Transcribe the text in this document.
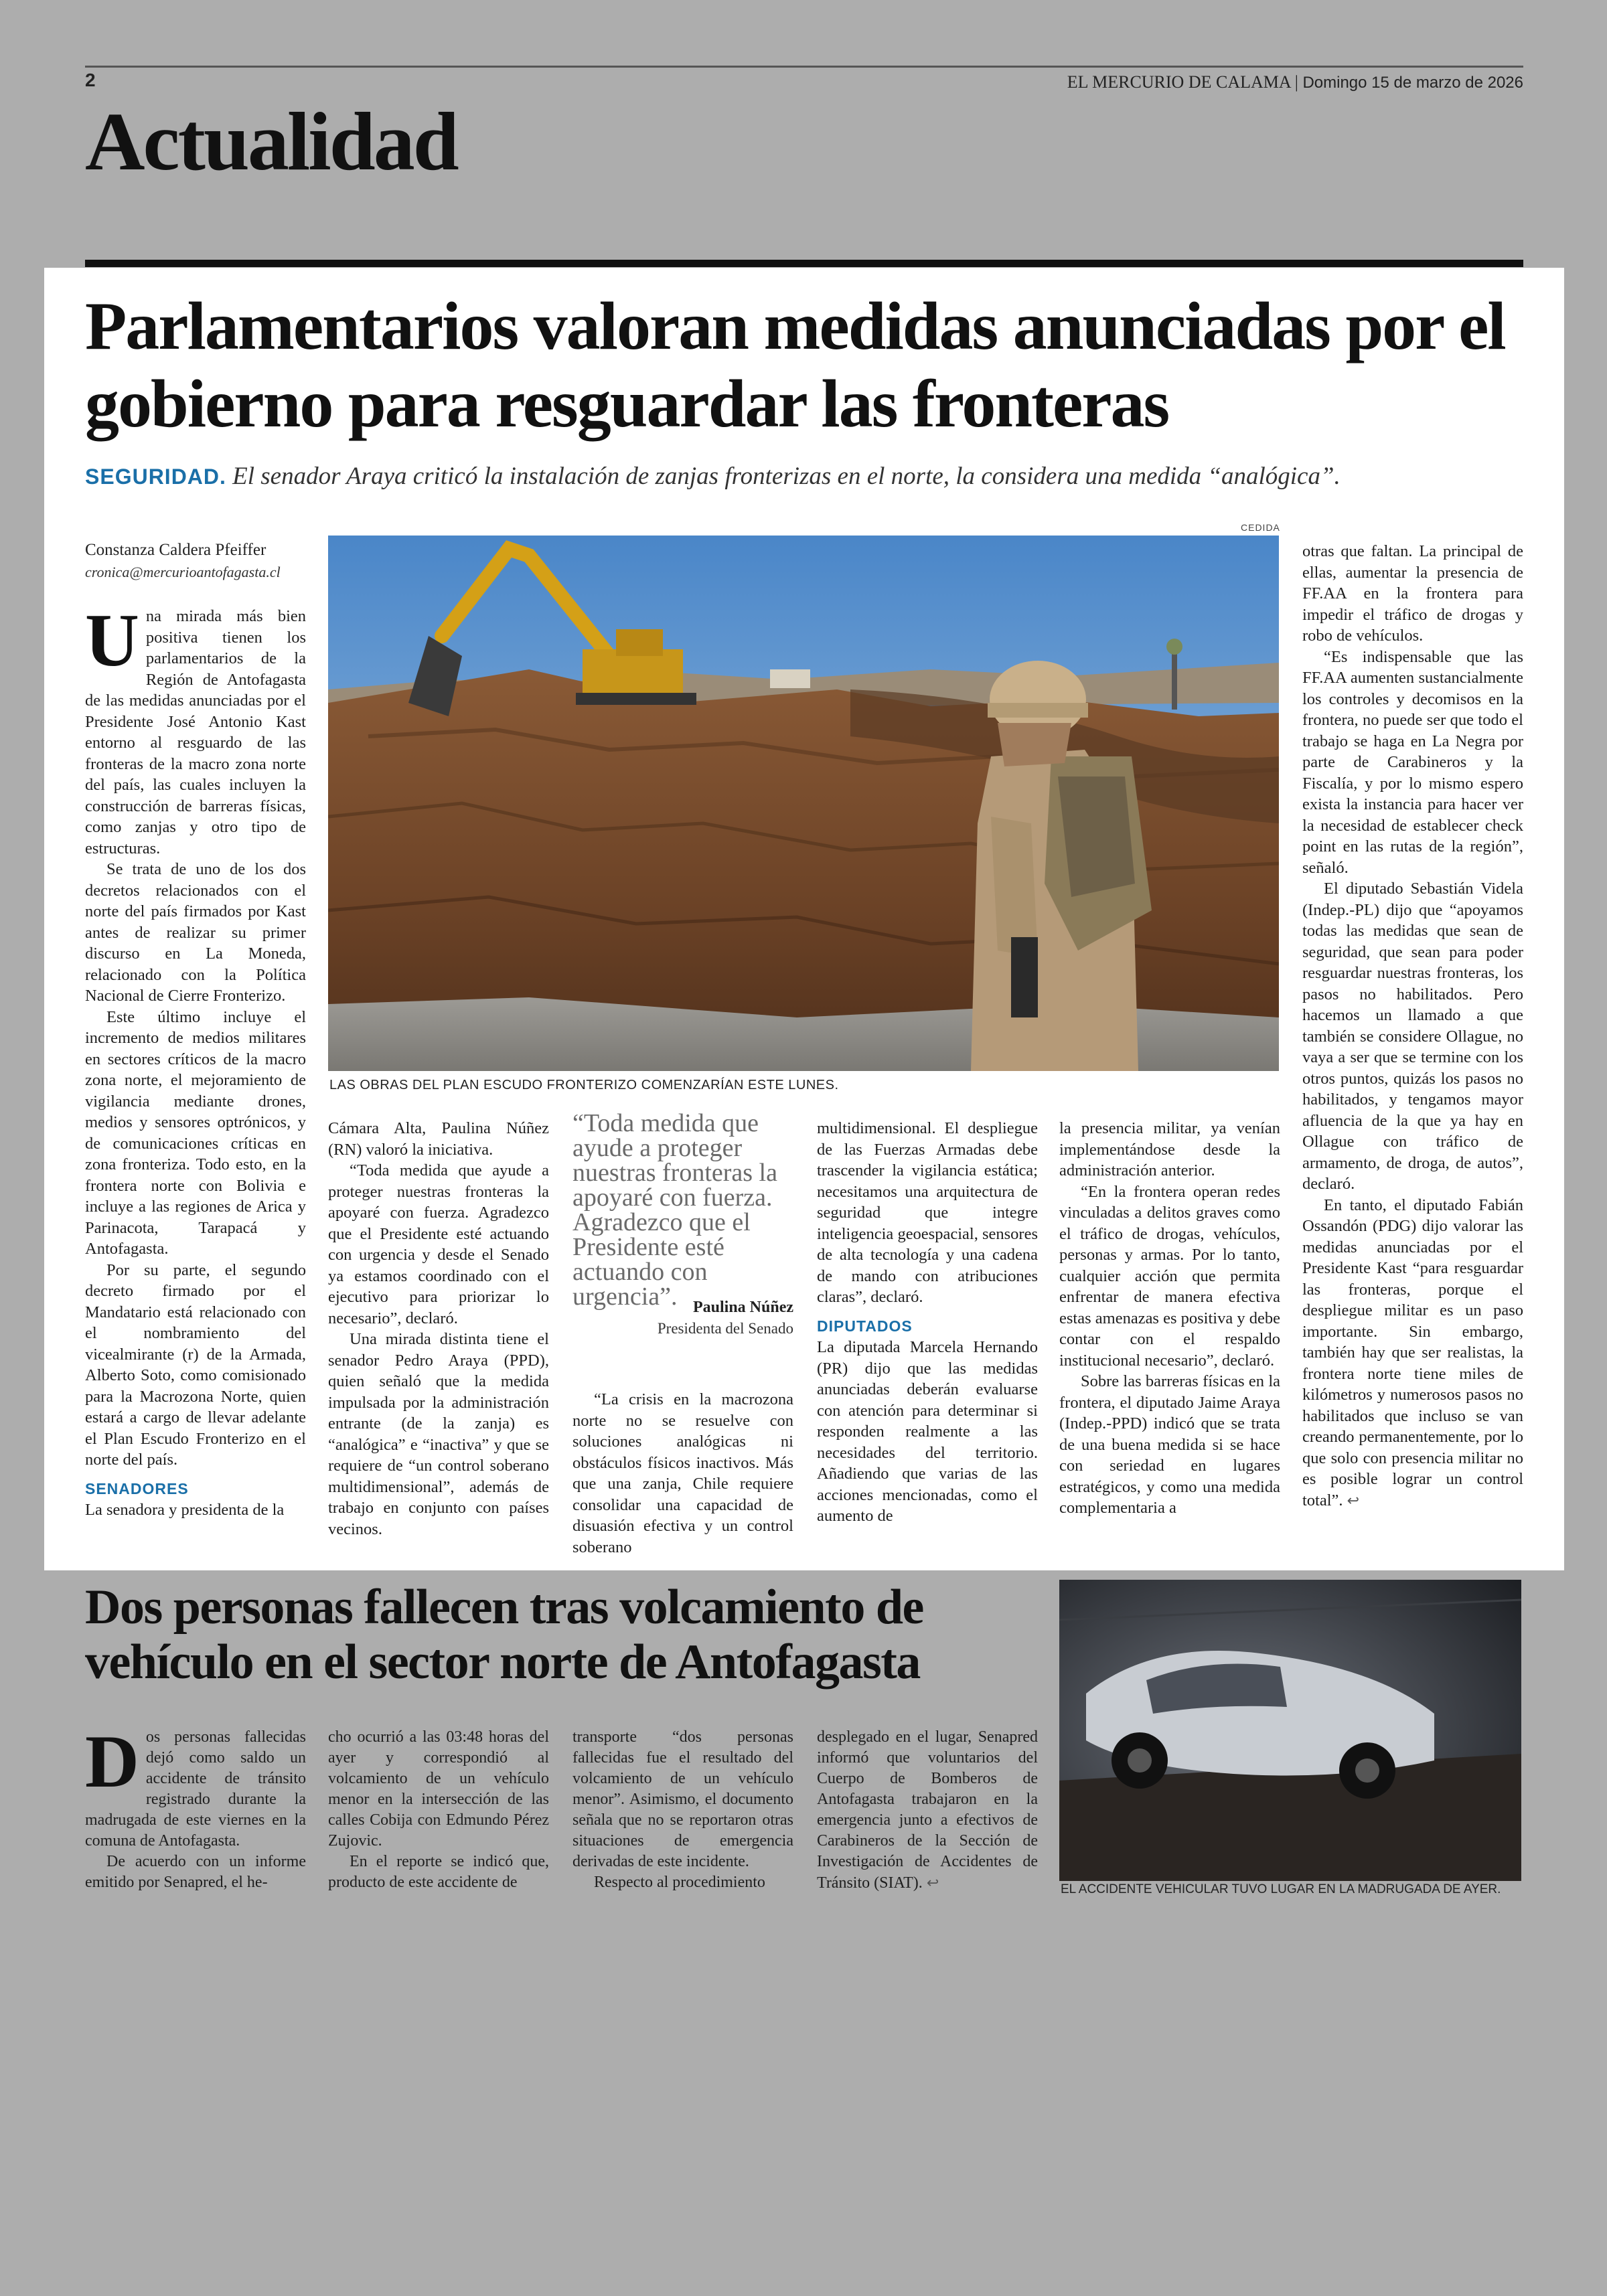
2	EL MERCURIO DE CALAMA | Domingo 15 de marzo de 2026
Actualidad
Parlamentarios valoran medidas anunciadas por el gobierno para resguardar las fronteras
SEGURIDAD. El senador Araya criticó la instalación de zanjas fronterizas en el norte, la considera una medida “analógica”.
CEDIDA
LAS OBRAS DEL PLAN ESCUDO FRONTERIZO COMENZARÍAN ESTE LUNES.
Constanza Caldera Pfeiffer
cronica@mercurioantofagasta.cl
U na mirada más bien positiva tienen los parlamentarios de la Región de Antofagasta de las medidas anunciadas por el Presidente José Antonio Kast entorno al resguardo de las fronteras de la macro zona norte del país, las cuales incluyen la construcción de barreras físicas, como zanjas y otro tipo de estructuras.

Se trata de uno de los dos decretos relacionados con el norte del país firmados por Kast antes de realizar su primer discurso en La Moneda, relacionado con la Política Nacional de Cierre Fronterizo.

Este último incluye el incremento de medios militares en sectores críticos de la macro zona norte, el mejoramiento de vigilancia mediante drones, medios y sensores optrónicos, y de comunicaciones críticas en zona fronteriza. Todo esto, en la frontera norte con Bolivia e incluye a las regiones de Arica y Parinacota, Tarapacá y Antofagasta.

Por su parte, el segundo decreto firmado por el Mandatario está relacionado con el nombramiento del vicealmirante (r) de la Armada, Alberto Soto, como comisionado para la Macrozona Norte, quien estará a cargo de llevar adelante el Plan Escudo Fronterizo en el norte del país.

SENADORES

La senadora y presidenta de la

Cámara Alta, Paulina Núñez (RN) valoró la iniciativa.

“Toda medida que ayude a proteger nuestras fronteras la apoyaré con fuerza. Agradezco que el Presidente esté actuando con urgencia y desde el Senado ya estamos coordinado con el ejecutivo para priorizar lo necesario”, declaró.

Una mirada distinta tiene el senador Pedro Araya (PPD), quien señaló que la medida impulsada por la administración entrante (de la zanja) es “analógica” e “inactiva” y que se requiere de “un control soberano multidimensional”, además de trabajo en conjunto con países vecinos.

“Toda medida que ayude a proteger nuestras fronteras la apoyaré con fuerza. Agradezco que el Presidente esté actuando con urgencia”. Paulina Núñez
Presidenta del Senado

“La crisis en la macrozona norte no se resuelve con soluciones analógicas ni obstáculos físicos inactivos. Más que una zanja, Chile requiere consolidar una capacidad de disuasión efectiva y un control soberano

multidimensional. El despliegue de las Fuerzas Armadas debe trascender la vigilancia estática; necesitamos una arquitectura de seguridad que integre inteligencia geoespacial, sensores de alta tecnología y una cadena de mando con atribuciones claras”, declaró.

DIPUTADOS

La diputada Marcela Hernando (PR) dijo que las medidas anunciadas deberán evaluarse con atención para determinar si responden realmente a las necesidades del territorio. Añadiendo que varias de las acciones mencionadas, como el aumento de

la presencia militar, ya venían implementándose desde la administración anterior.

“En la frontera operan redes vinculadas a delitos graves como el tráfico de drogas, vehículos, personas y armas. Por lo tanto, cualquier acción que permita enfrentar de manera efectiva estas amenazas es positiva y debe contar con el respaldo institucional necesario”, declaró.

Sobre las barreras físicas en la frontera, el diputado Jaime Araya (Indep.-PPD) indicó que se trata de una buena medida si se hace con seriedad en lugares estratégicos, y como una medida complementaria a

otras que faltan. La principal de ellas, aumentar la presencia de FF.AA en la frontera para impedir el tráfico de drogas y robo de vehículos.

“Es indispensable que las FF.AA aumenten sustancialmente los controles y decomisos en la frontera, no puede ser que todo el trabajo se haga en La Negra por parte de Carabineros y la Fiscalía, y por lo mismo espero exista la instancia para hacer ver la necesidad de establecer check point en las rutas de la región”, señaló.

El diputado Sebastián Videla (Indep.-PL) dijo que “apoyamos todas las medidas que sean de seguridad, que sean para poder resguardar nuestras fronteras, los pasos no habilitados. Pero hacemos un llamado a que también se considere Ollague, no vaya a ser que se termine con los otros puntos, quizás los pasos no habilitados, y tengamos mayor afluencia de la que ya hay en Ollague con tráfico de armamento, de droga, de autos”, declaró.

En tanto, el diputado Fabián Ossandón (PDG) dijo valorar las medidas anunciadas por el Presidente Kast “para resguardar las fronteras, porque el despliegue militar es un paso importante. Sin embargo, también hay que ser realistas, la frontera norte tiene miles de kilómetros y numerosos pasos no habilitados que incluso se van creando permanentemente, por lo que solo con presencia militar no es posible lograr un control total”. ↩

Dos personas fallecen tras volcamiento de vehículo en el sector norte de Antofagasta
EL ACCIDENTE VEHICULAR TUVO LUGAR EN LA MADRUGADA DE AYER.
D os personas fallecidas dejó como saldo un accidente de tránsito registrado durante la madrugada de este viernes en la comuna de Antofagasta.

De acuerdo con un informe emitido por Senapred, el he-

cho ocurrió a las 03:48 horas del ayer y correspondió al volcamiento de un vehículo menor en la intersección de las calles Cobija con Edmundo Pérez Zujovic.

En el reporte se indicó que, producto de este accidente de

transporte “dos personas fallecidas fue el resultado del volcamiento de un vehículo menor”. Asimismo, el documento señala que no se reportaron otras situaciones de emergencia derivadas de este incidente.

Respecto al procedimiento

desplegado en el lugar, Senapred informó que voluntarios del Cuerpo de Bomberos de Antofagasta trabajaron en la emergencia junto a efectivos de Carabineros de la Sección de Investigación de Accidentes de Tránsito (SIAT). ↩
